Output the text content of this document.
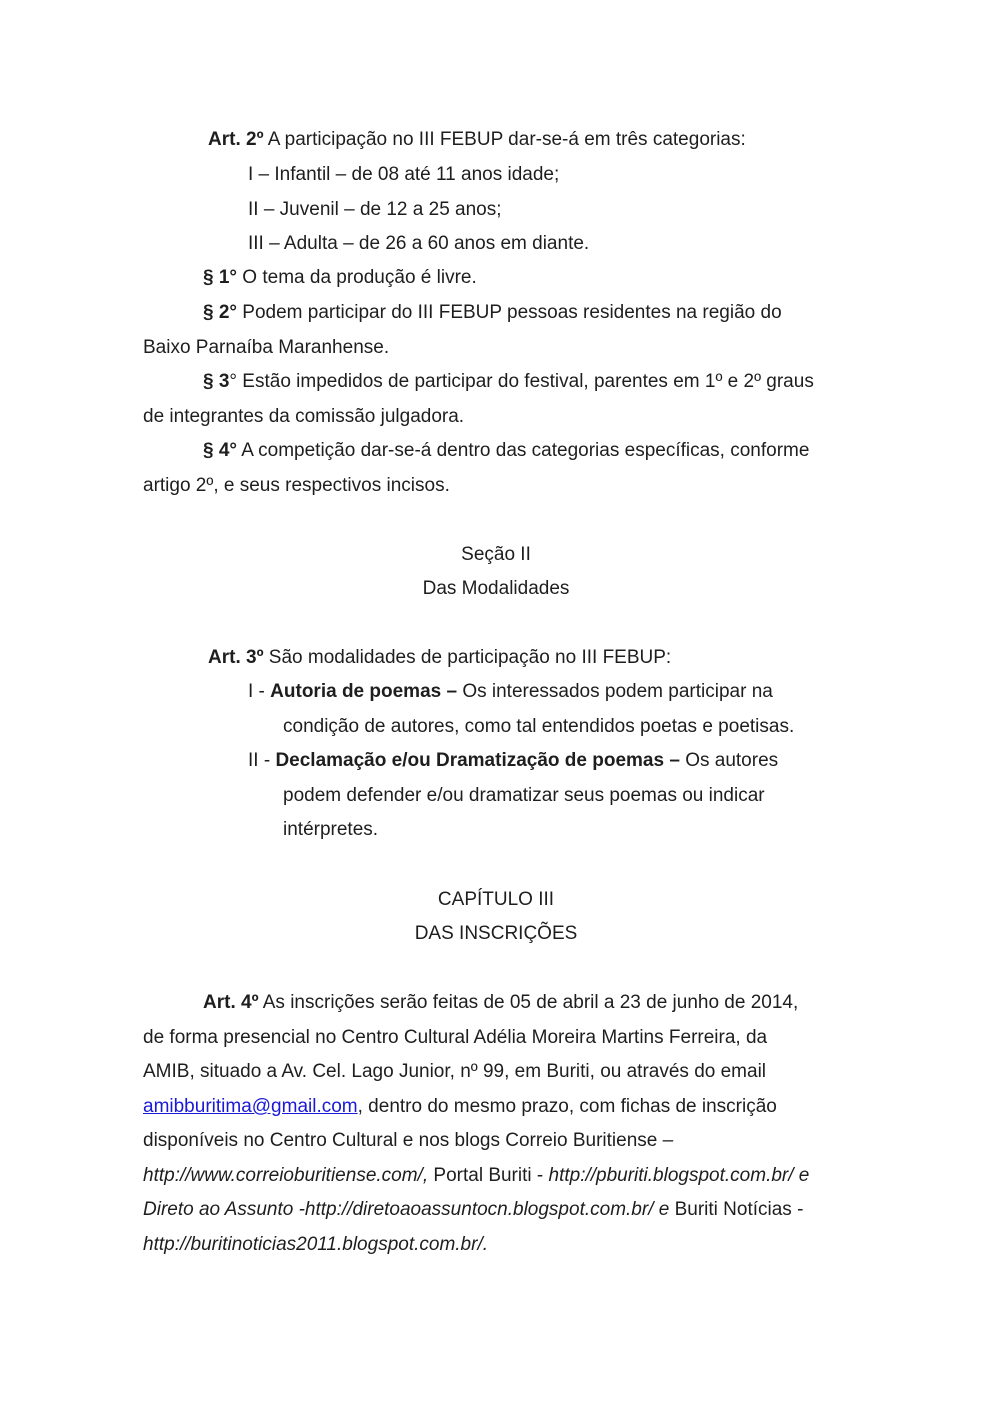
Art. 2º A participação no III FEBUP dar-se-á em três categorias:
I – Infantil – de 08 até 11 anos idade;
II – Juvenil – de 12 a 25 anos;
III – Adulta – de 26 a 60 anos em diante.
§ 1° O tema da produção é livre.
§ 2° Podem participar do III FEBUP pessoas residentes na região do
Baixo Parnaíba Maranhense.
§ 3° Estão impedidos de participar do festival, parentes em 1º e 2º graus
de integrantes da comissão julgadora.
§ 4° A competição dar-se-á dentro das categorias específicas, conforme
artigo 2º, e seus respectivos incisos.
Seção II
Das Modalidades
Art. 3º São modalidades de participação no III FEBUP:
I - Autoria de poemas – Os interessados podem participar na
condição de autores, como tal entendidos poetas e poetisas.
II - Declamação e/ou Dramatização de poemas – Os autores
podem defender e/ou dramatizar seus poemas ou indicar
intérpretes.
CAPÍTULO III
DAS INSCRIÇÕES
Art. 4º As inscrições serão feitas de 05 de abril a 23 de junho de 2014,
de forma presencial no Centro Cultural Adélia Moreira Martins Ferreira, da
AMIB, situado a Av. Cel. Lago Junior, nº 99, em Buriti, ou através do email
amibburitima@gmail.com, dentro do mesmo prazo, com fichas de inscrição
disponíveis no Centro Cultural e nos blogs Correio Buritiense –
http://www.correioburitiense.com/, Portal Buriti - http://pburiti.blogspot.com.br/ e
Direto ao Assunto -http://diretoaoassuntocn.blogspot.com.br/ e Buriti Notícias -
http://buritinoticias2011.blogspot.com.br/.
